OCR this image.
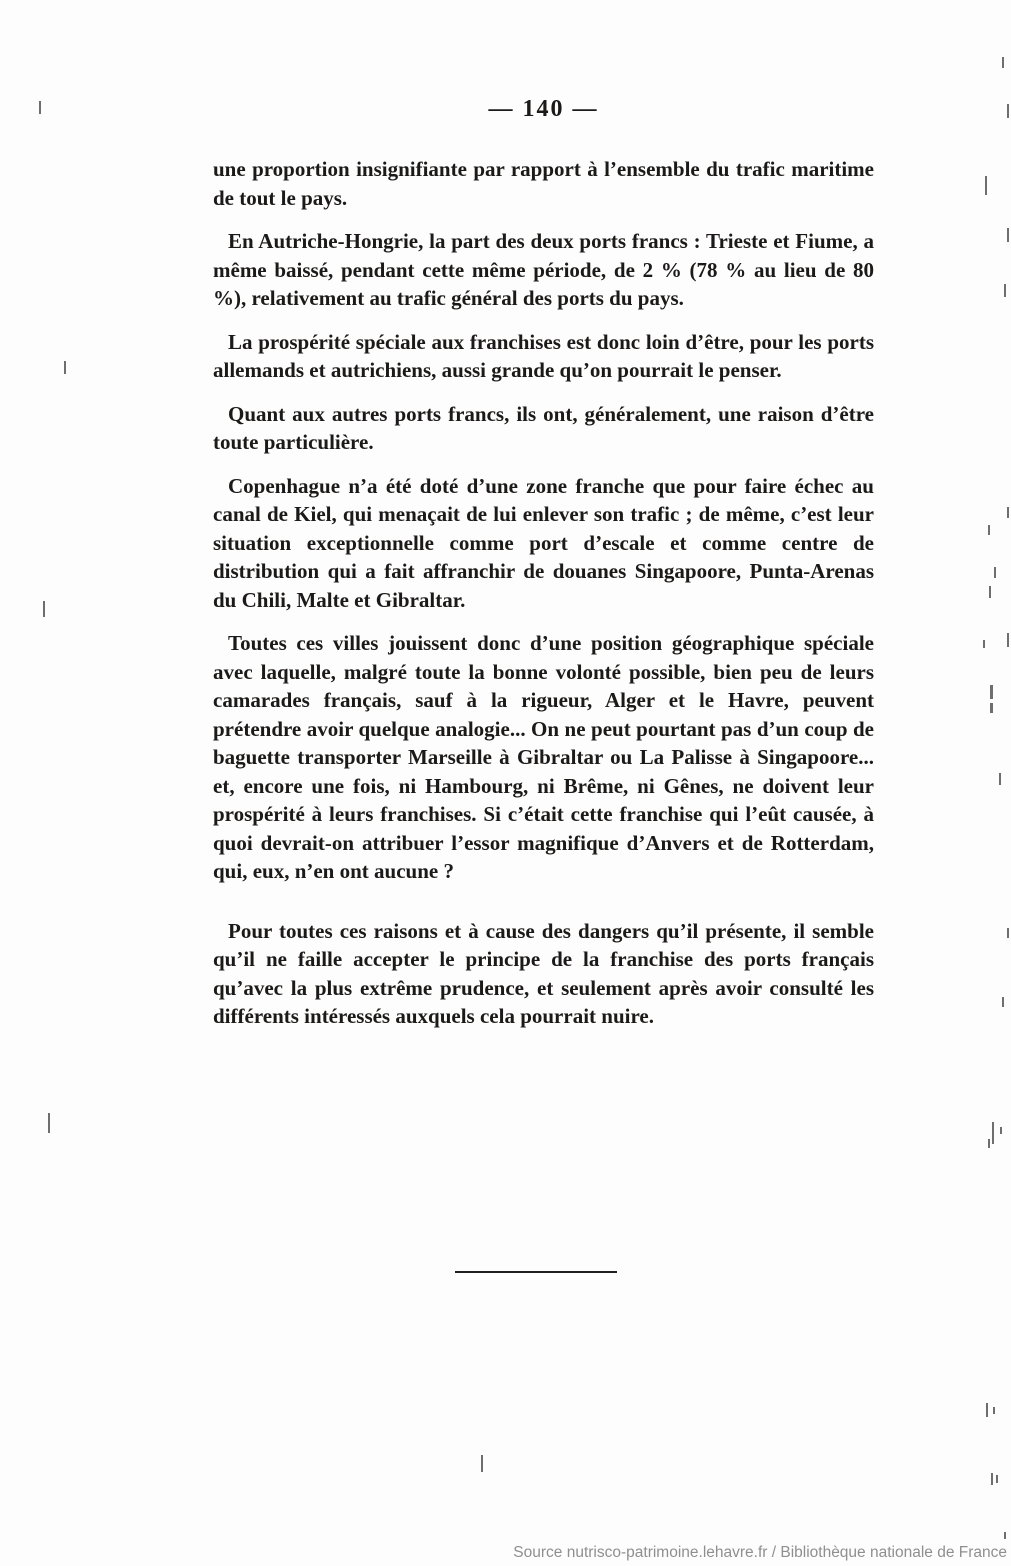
— 140 —

une proportion insignifiante par rapport à l’ensemble du trafic maritime de tout le pays.

En Autriche-Hongrie, la part des deux ports francs : Trieste et Fiume, a même baissé, pendant cette même période, de 2 % (78 % au lieu de 80 %), relativement au trafic général des ports du pays.

La prospérité spéciale aux franchises est donc loin d’être, pour les ports allemands et autrichiens, aussi grande qu’on pourrait le penser.

Quant aux autres ports francs, ils ont, généralement, une raison d’être toute particulière.

Copenhague n’a été doté d’une zone franche que pour faire échec au canal de Kiel, qui menaçait de lui enlever son trafic ; de même, c’est leur situation exceptionnelle comme port d’escale et comme centre de distribution qui a fait affranchir de douanes Singapoore, Punta-Arenas du Chili, Malte et Gibraltar.

Toutes ces villes jouissent donc d’une position géographique spéciale avec laquelle, malgré toute la bonne volonté possible, bien peu de leurs camarades français, sauf à la rigueur, Alger et le Havre, peuvent prétendre avoir quelque analogie... On ne peut pourtant pas d’un coup de baguette transporter Marseille à Gibraltar ou La Palisse à Singapoore... et, encore une fois, ni Hambourg, ni Brême, ni Gênes, ne doivent leur prospérité à leurs franchises. Si c’était cette franchise qui l’eût causée, à quoi devrait-on attribuer l’essor magnifique d’Anvers et de Rotterdam, qui, eux, n’en ont aucune ?

Pour toutes ces raisons et à cause des dangers qu’il présente, il semble qu’il ne faille accepter le principe de la franchise des ports français qu’avec la plus extrême prudence, et seulement après avoir consulté les différents intéressés auxquels cela pourrait nuire.

Source nutrisco-patrimoine.lehavre.fr / Bibliothèque nationale de France
